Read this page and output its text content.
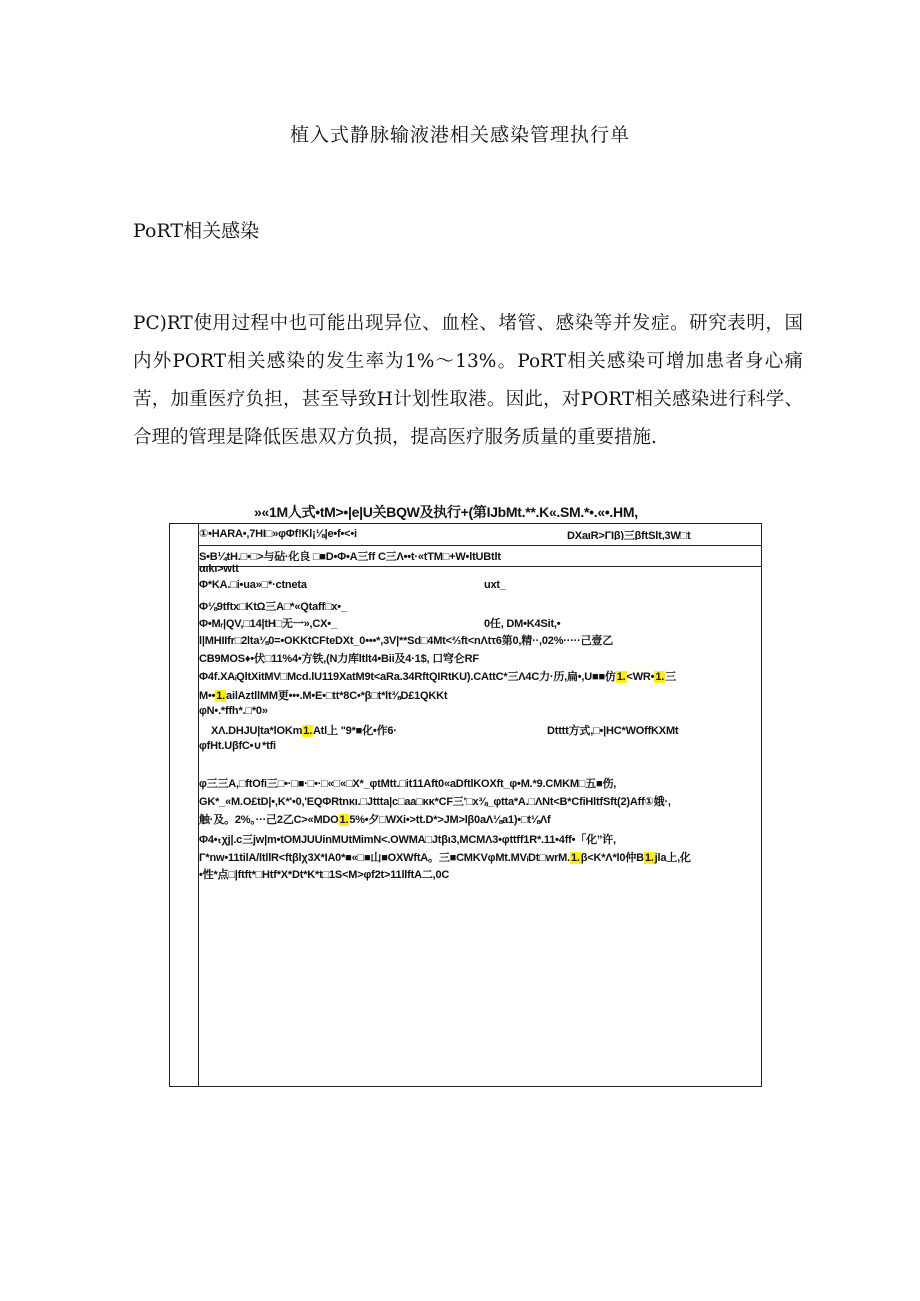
植入式静脉输液港相关感染管理执行单
PoRT相关感染

PC)RT使用过程中也可能出现异位、血栓、堵管、感染等并发症。研究表明，国内外PORT相关感染的发生率为1%～13%。PoRT相关感染可增加患者身心痛苦，加重医疗负担，甚至导致H计划性取港。因此，对PORT相关感染进行科学、合理的管理是降低医患双方负损，提高医疗服务质量的重要措施.

»«1M人式•tM>•|e|U关BQW及执行+(第IJbMt.**.K«.SM.*•.«•.HM,
①•HARA•,7HI□»φΦf!Kl¡⅛|e•f•<•i	DXaιR>ΓIβ)三βftSlt,3W□t
S•B¼tH.□•□>与砧·化良 □■D•Φ•A三ff C三Λ••t·«tTM□+W•ltUBtlt
αιkι>wtt
Φ*KA.□i•ua»□*·ctneta	uxt_
Φ⅛9tftx□KtΩ三A□*«Qtaff□x•_
Φ•Mᵣ|QV,□14|tH□无一»,CX•_	0任, DM•K4Sit,•
l|MHIIfr□2lta⅛0=•OKKtCFteDXt_0•••*,3V|**Sd□4Mt<⅔ft<nΛtτ6第0,精··,02%·····己壹乙
CB9MOS♦•伏□11%4•方铁,(N力库ltlt4•Bii及4·1$, 口穹仑RF
Φ4f.XAᵢQltXitMV□Mcd.lU119XatM9t<aRa.34RftQIRtKU).CAttC*三Λ4C力·历,扁•,U■■仿1.<WR•1.三
M••1.ailAztllMM更•••.M•E•□tt*8C•*β□t*lt⅜D£1QKKt
φN•.*ffh*.□*0»
XΛ.DHJU|ta*lOKm1.Atl上 "9*■化•作6·	Dtttt方式,□•|HC*WOffKXMt
φfHt.UβfC•∪*tfi
φ三三A,□ftOfi三□•·□■·□•·□«□«□X*_φtMtt.□it11Aft0«aDftlKOXft_φ•M.*9.CMKM□五■伤,
GK*_«M.O£tD|•,K*'•0,'EQΦRtnκι.□Jttta|c□aa□κκ*CF三'□x⅜_φtta*A.□ΛNt<B*CfiHltfSft(2)Aff①娥·,
触·及。2%。···己2乙C>«MDO1.5%•夕□WXi•>tt.D*>JM>lβ0aΛ⅛a1)•□t⅛Λf
Φ4•ₜχj|.c三jw|m•tOMJUUinMUtMimN<.OWMA□Jtβι3,MCMΛ3•φttff1R*.11•4ff•「化”许,
Γ*nw•11tilA/ltllR<ftβlχ3X*IA0*■«□■山■OXWftA。三■CMKVφMt.MVᵢDt□wrM.1.β<K*Λ*l0仲B1.jla上,化
•性*点□|ftft*□Htf*X*Dt*K*t□1S<M>φf2t>11llftA二,0C
